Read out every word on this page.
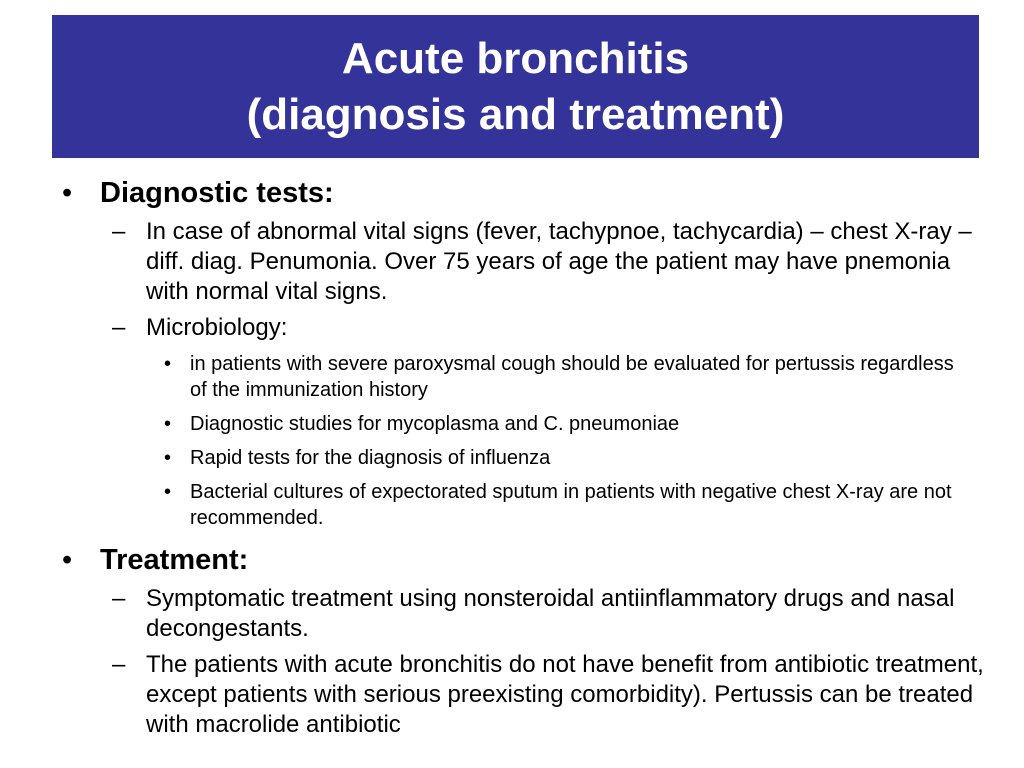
Acute bronchitis
(diagnosis and treatment)
• Diagnostic tests:
– In case of abnormal vital signs (fever, tachypnoe, tachycardia) – chest X-ray – diff. diag. Penumonia. Over 75 years of age the patient may have pnemonia with normal vital signs.
– Microbiology:
• in patients with severe paroxysmal cough should be evaluated for pertussis regardless of the immunization history
• Diagnostic studies for mycoplasma and C. pneumoniae
• Rapid tests for the diagnosis of influenza
• Bacterial cultures of expectorated sputum in patients with negative chest X-ray are not recommended.
• Treatment:
– Symptomatic treatment using nonsteroidal antiinflammatory drugs and nasal decongestants.
– The patients with acute bronchitis do not have benefit from antibiotic treatment, except patients with serious preexisting comorbidity). Pertussis can be treated with macrolide antibiotic
